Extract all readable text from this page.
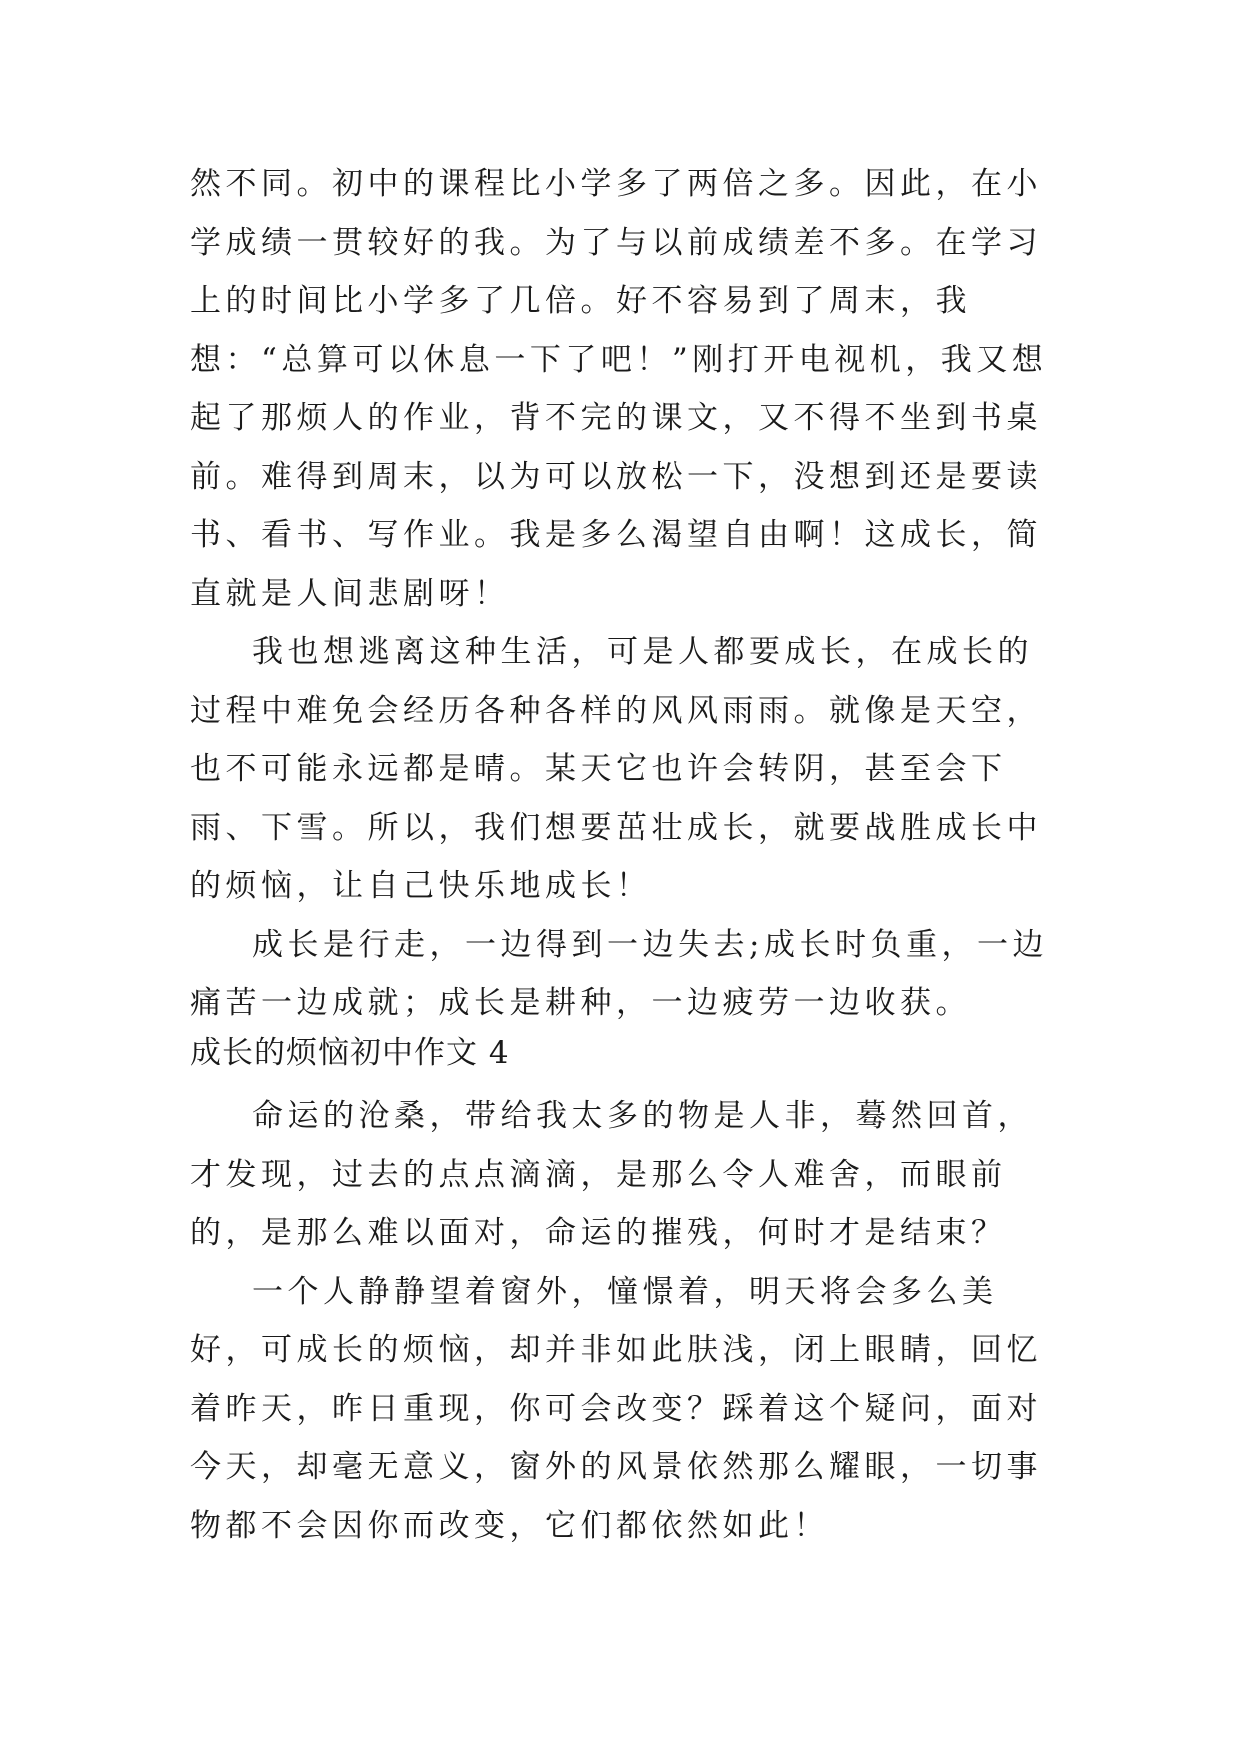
然不同。初中的课程比小学多了两倍之多。因此，在小学成绩一贯较好的我。为了与以前成绩差不多。在学习上的时间比小学多了几倍。好不容易到了周末，我想：“总算可以休息一下了吧！”刚打开电视机，我又想起了那烦人的作业，背不完的课文，又不得不坐到书桌前。难得到周末，以为可以放松一下，没想到还是要读书、看书、写作业。我是多么渴望自由啊！这成长，简直就是人间悲剧呀！

我也想逃离这种生活，可是人都要成长，在成长的过程中难免会经历各种各样的风风雨雨。就像是天空，也不可能永远都是晴。某天它也许会转阴，甚至会下雨、下雪。所以，我们想要茁壮成长，就要战胜成长中的烦恼，让自己快乐地成长！

成长是行走，一边得到一边失去;成长时负重，一边痛苦一边成就；成长是耕种，一边疲劳一边收获。

成长的烦恼初中作文 4

命运的沧桑，带给我太多的物是人非，蓦然回首，才发现，过去的点点滴滴，是那么令人难舍，而眼前的，是那么难以面对，命运的摧残，何时才是结束？

一个人静静望着窗外，憧憬着，明天将会多么美好，可成长的烦恼，却并非如此肤浅，闭上眼睛，回忆着昨天，昨日重现，你可会改变？踩着这个疑问，面对今天，却毫无意义，窗外的风景依然那么耀眼，一切事物都不会因你而改变，它们都依然如此！
